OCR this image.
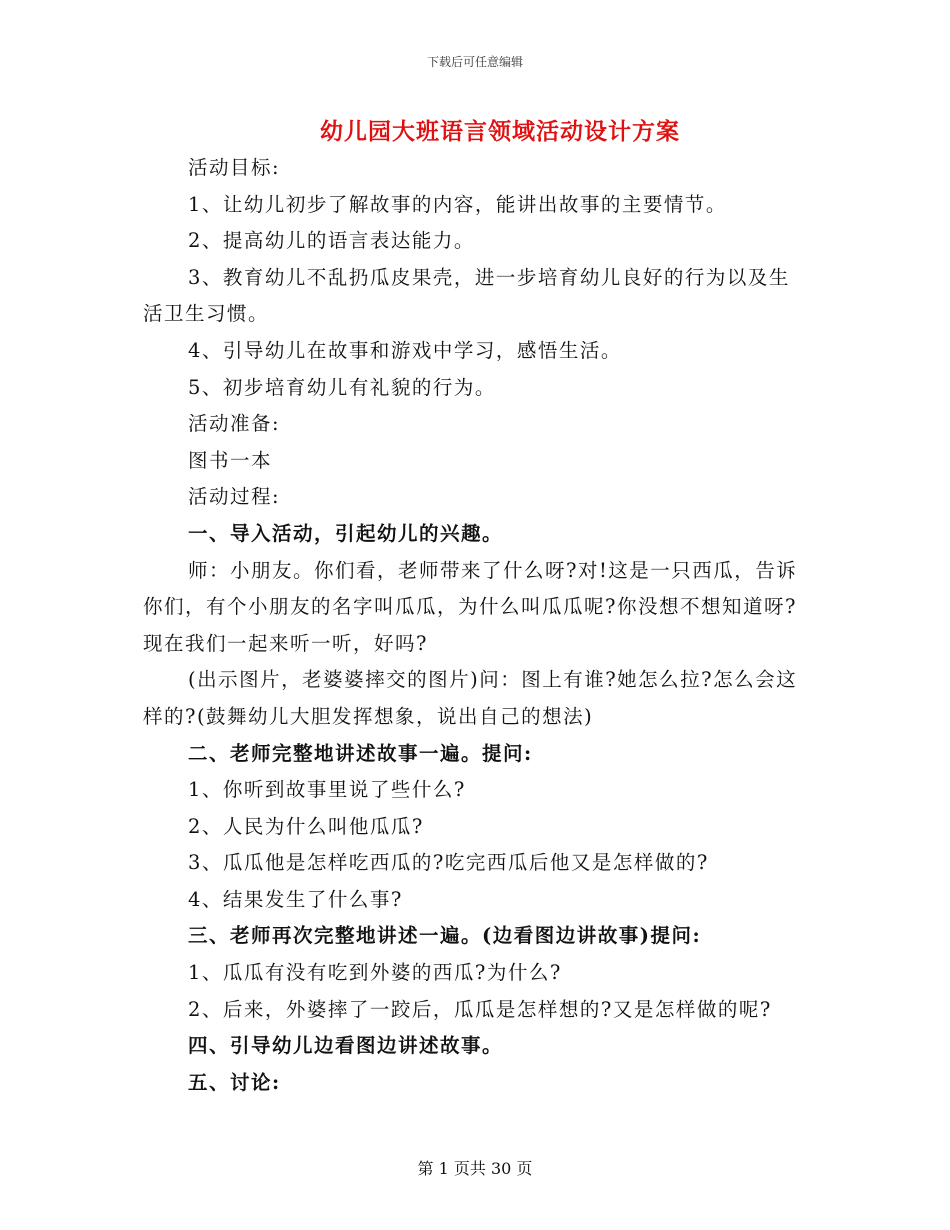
下载后可任意编辑
幼儿园大班语言领域活动设计方案

活动目标:

1、让幼儿初步了解故事的内容，能讲出故事的主要情节。

2、提高幼儿的语言表达能力。

3、教育幼儿不乱扔瓜皮果壳，进一步培育幼儿良好的行为以及生活卫生习惯。

4、引导幼儿在故事和游戏中学习，感悟生活。

5、初步培育幼儿有礼貌的行为。

活动准备:

图书一本

活动过程:

一、导入活动，引起幼儿的兴趣。

师：小朋友。你们看，老师带来了什么呀?对!这是一只西瓜，告诉你们，有个小朋友的名字叫瓜瓜，为什么叫瓜瓜呢?你没想不想知道呀?现在我们一起来听一听，好吗?

(出示图片，老婆婆摔交的图片)问：图上有谁?她怎么拉?怎么会这样的?(鼓舞幼儿大胆发挥想象，说出自己的想法)

二、老师完整地讲述故事一遍。提问:

1、你听到故事里说了些什么?

2、人民为什么叫他瓜瓜?

3、瓜瓜他是怎样吃西瓜的?吃完西瓜后他又是怎样做的?

4、结果发生了什么事?

三、老师再次完整地讲述一遍。(边看图边讲故事)提问:

1、瓜瓜有没有吃到外婆的西瓜?为什么?

2、后来，外婆摔了一跤后，瓜瓜是怎样想的?又是怎样做的呢?

四、引导幼儿边看图边讲述故事。

五、讨论:

第 1 页共 30 页
